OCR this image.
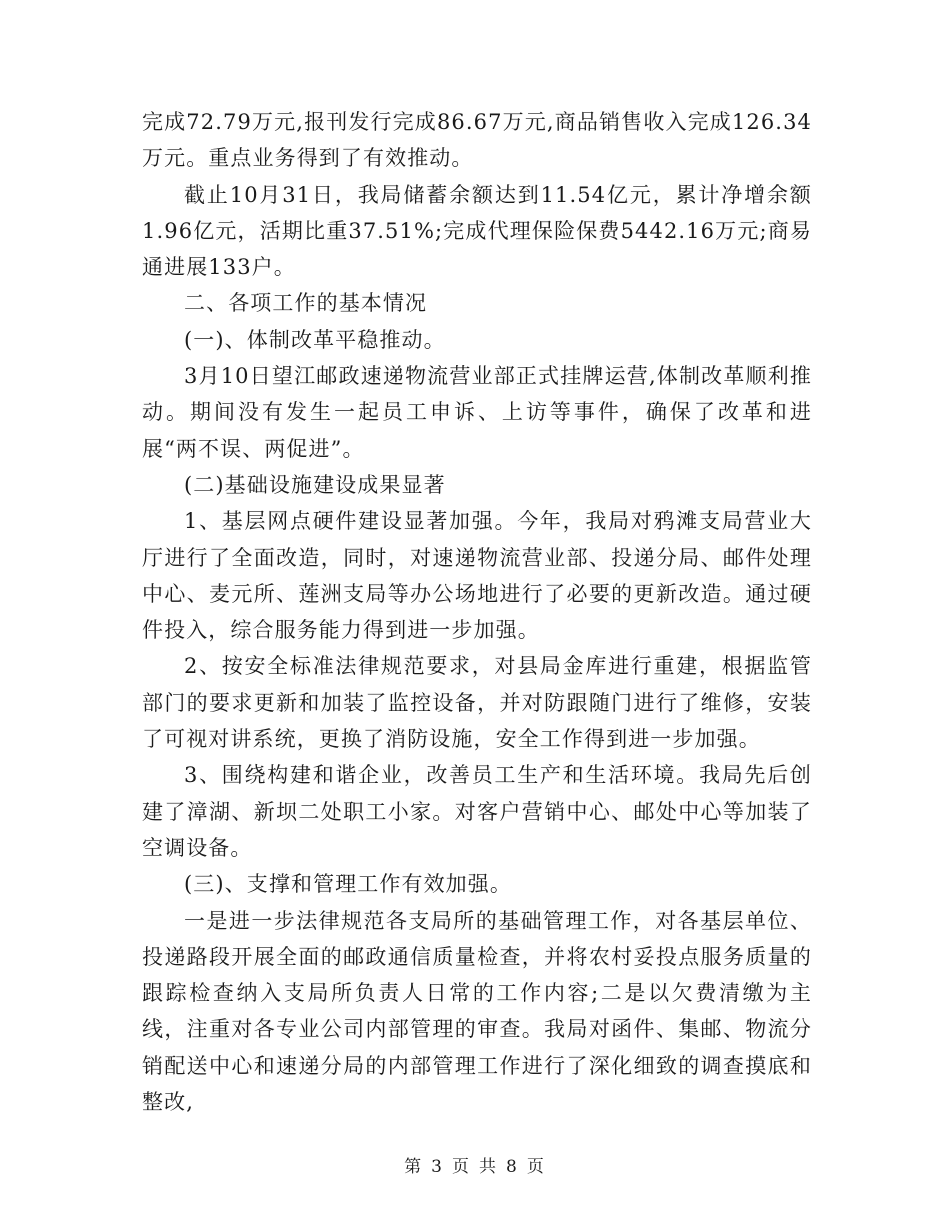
完成72.79万元,报刊发行完成86.67万元,商品销售收入完成126.34万元。重点业务得到了有效推动。

截止10月31日，我局储蓄余额达到11.54亿元，累计净增余额1.96亿元，活期比重37.51%;完成代理保险保费5442.16万元;商易通进展133户。

二、各项工作的基本情况

(一)、体制改革平稳推动。

3月10日望江邮政速递物流营业部正式挂牌运营,体制改革顺利推动。期间没有发生一起员工申诉、上访等事件，确保了改革和进展“两不误、两促进”。

(二)基础设施建设成果显著

1、基层网点硬件建设显著加强。今年，我局对鸦滩支局营业大厅进行了全面改造，同时，对速递物流营业部、投递分局、邮件处理中心、麦元所、莲洲支局等办公场地进行了必要的更新改造。通过硬件投入，综合服务能力得到进一步加强。

2、按安全标准法律规范要求，对县局金库进行重建，根据监管部门的要求更新和加装了监控设备，并对防跟随门进行了维修，安装了可视对讲系统，更换了消防设施，安全工作得到进一步加强。

3、围绕构建和谐企业，改善员工生产和生活环境。我局先后创建了漳湖、新坝二处职工小家。对客户营销中心、邮处中心等加装了空调设备。

(三)、支撑和管理工作有效加强。

一是进一步法律规范各支局所的基础管理工作，对各基层单位、投递路段开展全面的邮政通信质量检查，并将农村妥投点服务质量的跟踪检查纳入支局所负责人日常的工作内容;二是以欠费清缴为主线，注重对各专业公司内部管理的审查。我局对函件、集邮、物流分销配送中心和速递分局的内部管理工作进行了深化细致的调查摸底和整改,

第 3 页 共 8 页
